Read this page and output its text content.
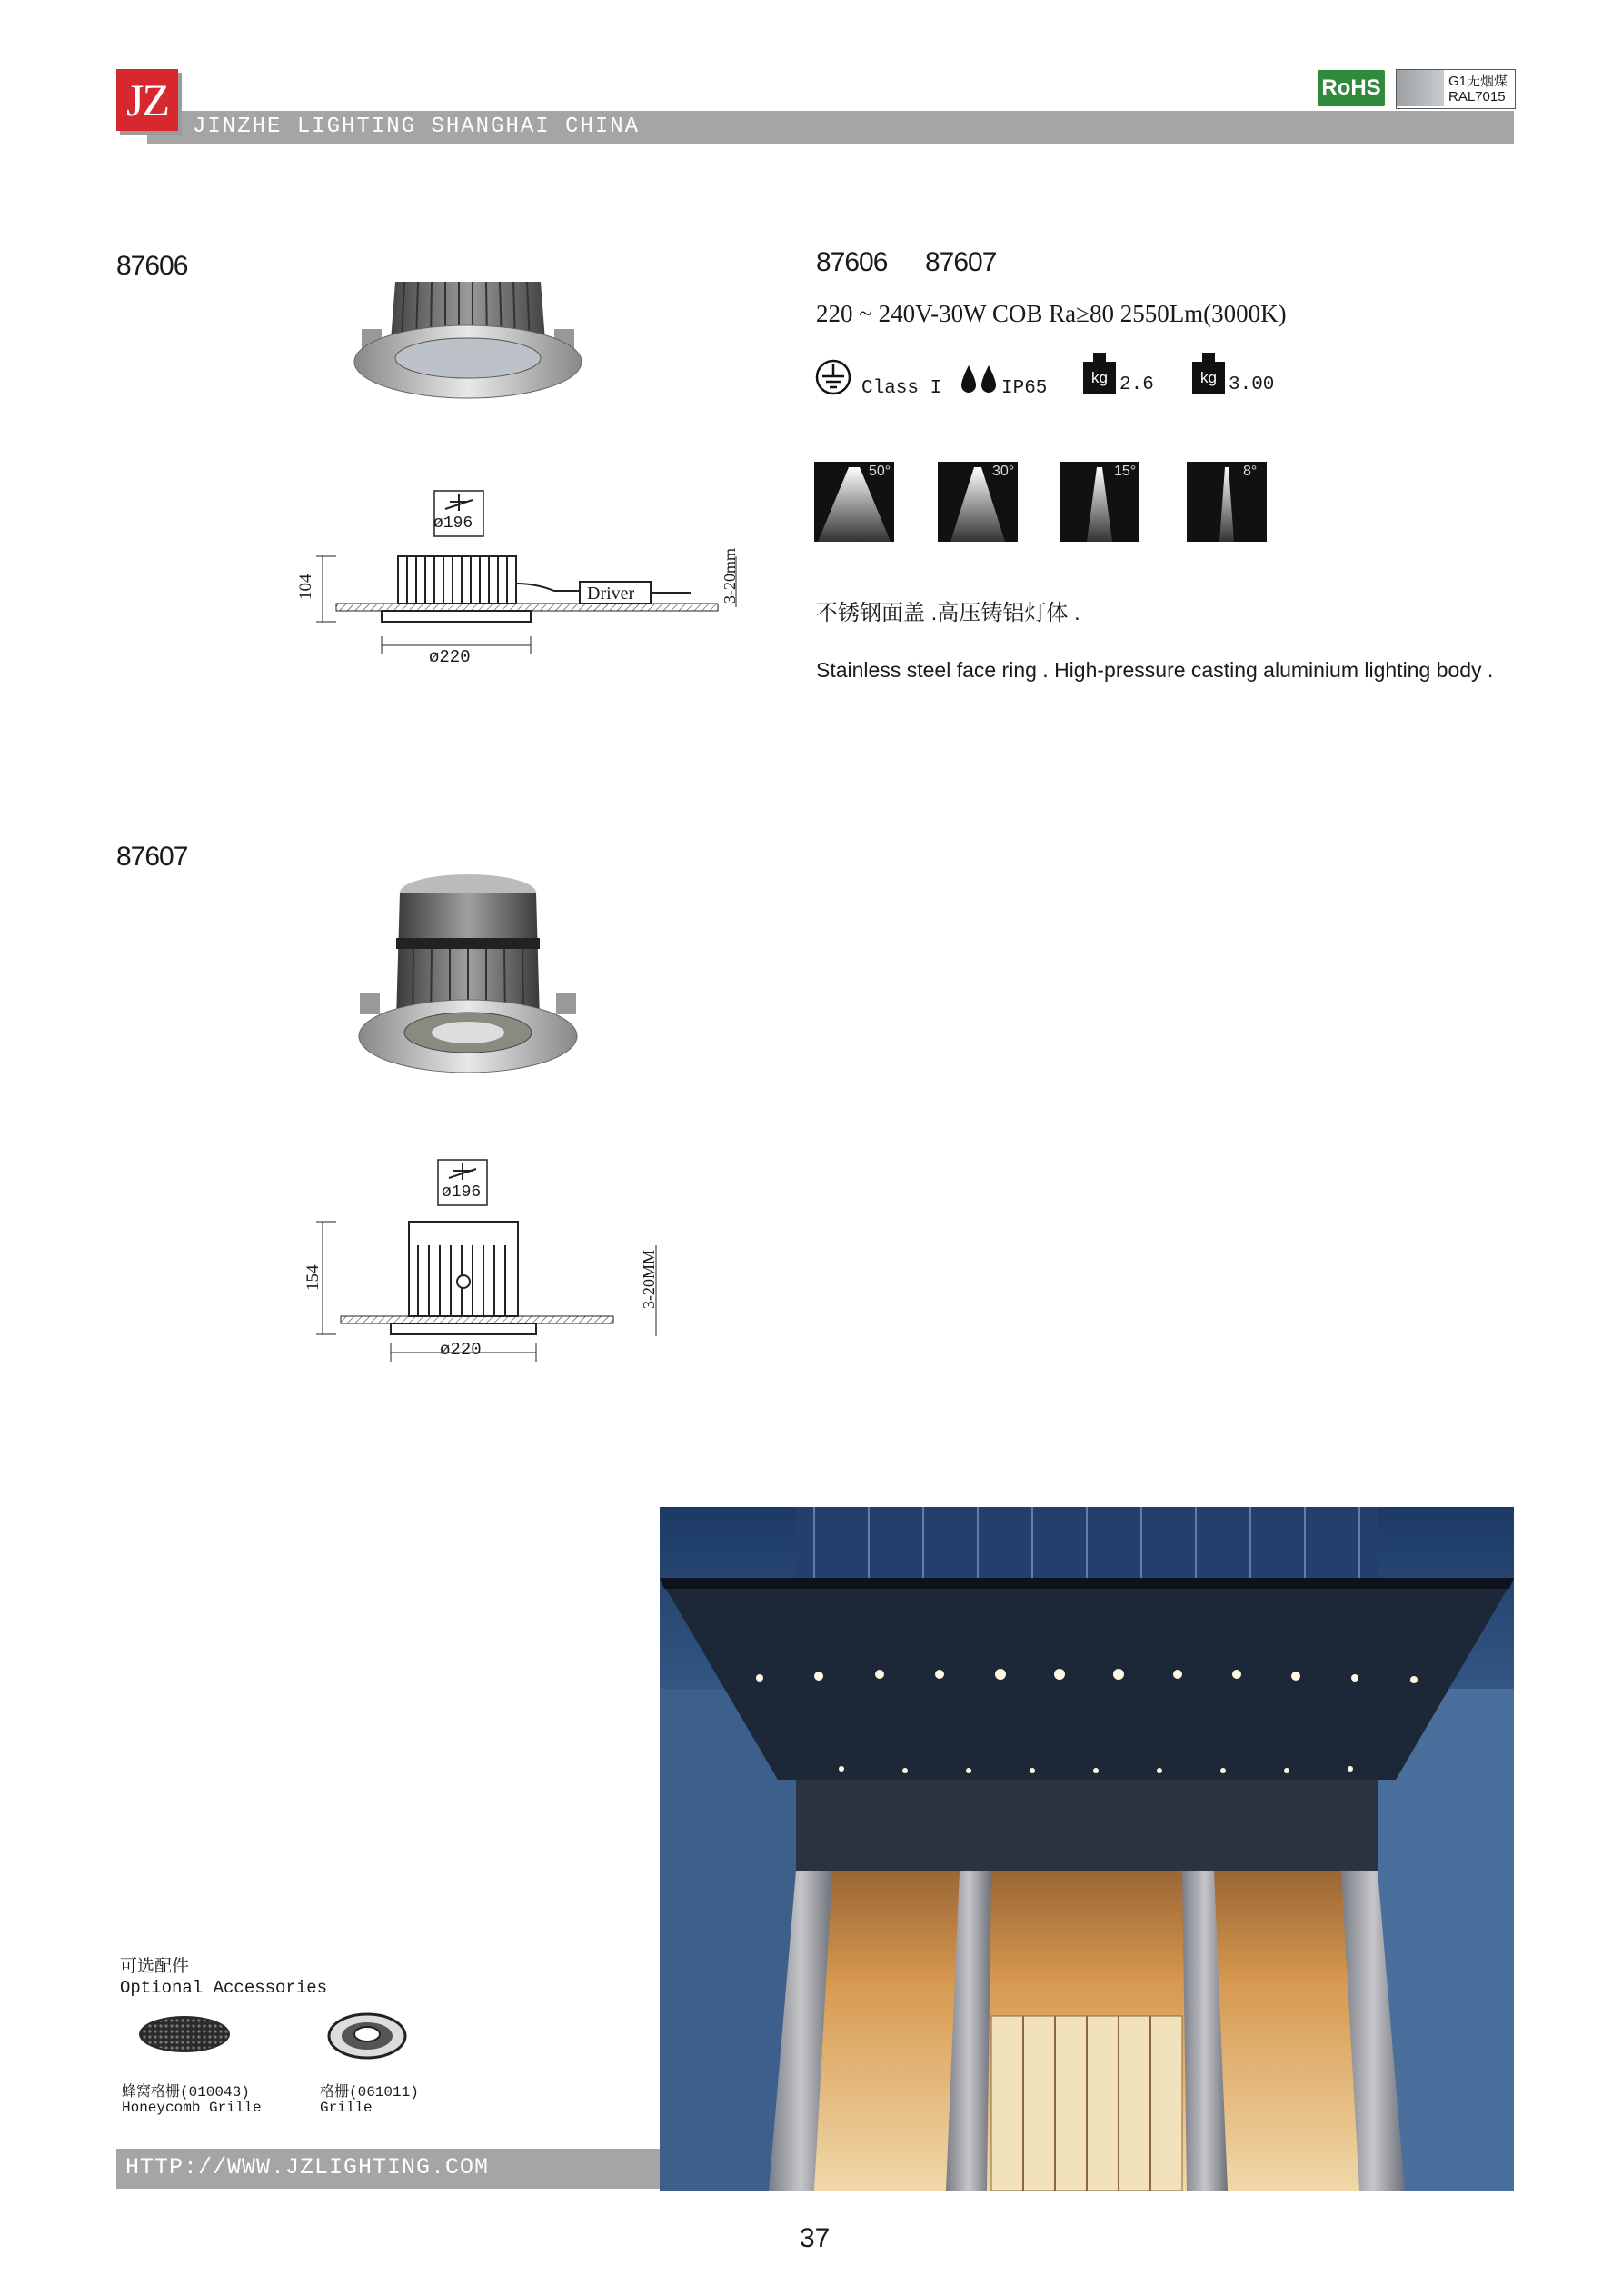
JZ
JINZHE LIGHTING SHANGHAI CHINA
RoHS	G1无烟煤
RAL7015
87606
ø196
104	Driver	3-20mm
ø220
87606 87607
220 ~ 240V-30W COB Ra≥80 2550Lm(3000K)
Class I	IP65
kg 2.6	kg 3.00
50°	30°	15°	8°
不锈钢面盖 .高压铸铝灯体 .
Stainless steel face ring . High-pressure casting aluminium lighting body .
87607
ø196
154	3-20MM
ø220
可选配件
Optional Accessories
蜂窝格栅(010043)
Honeycomb Grille
格栅(061011)
Grille
HTTP://WWW.JZLIGHTING.COM
37
